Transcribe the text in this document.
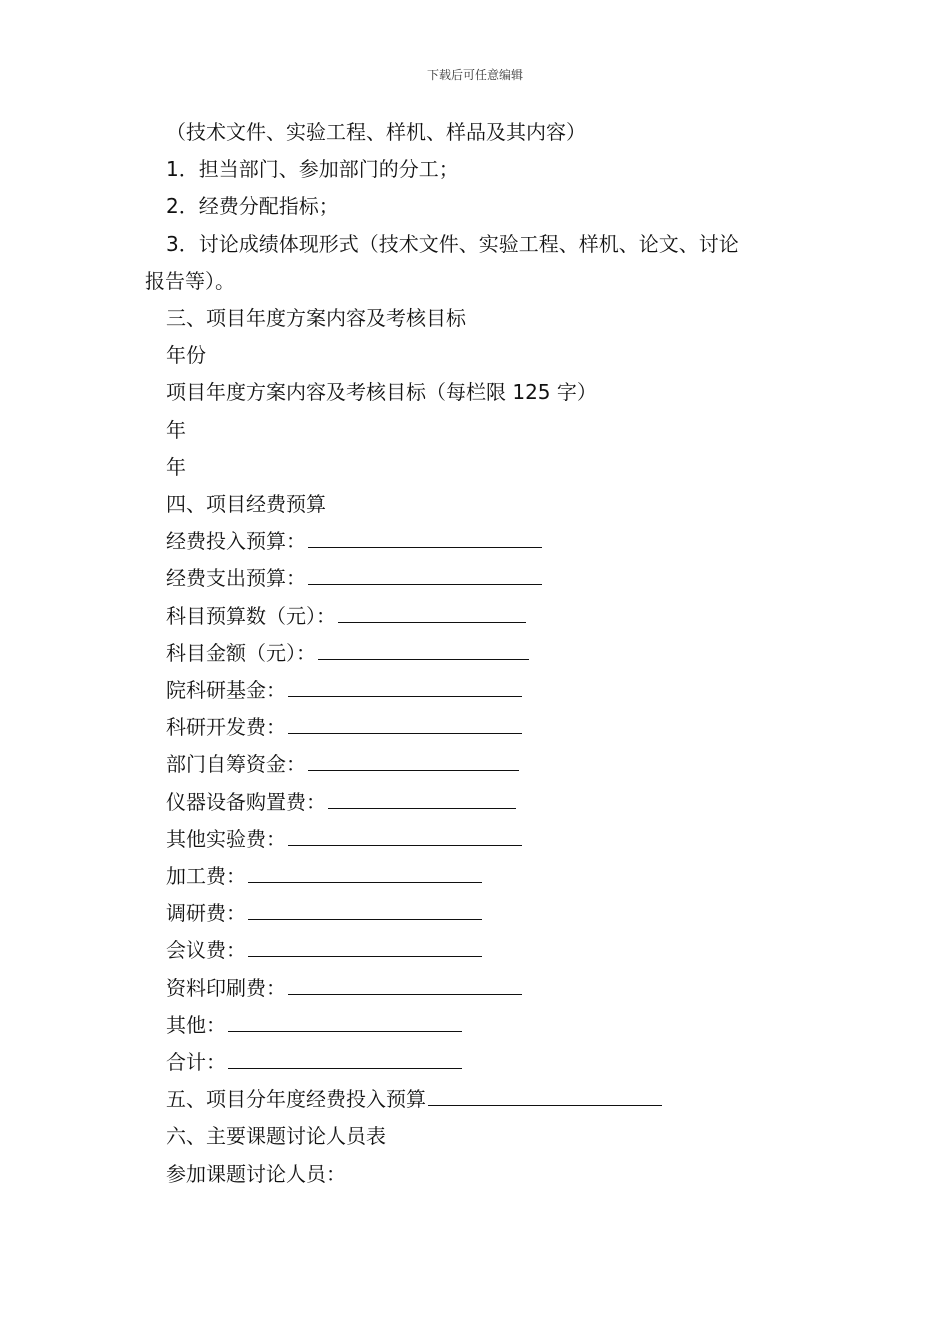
下载后可任意编辑
（技术文件、实验工程、样机、样品及其内容）
1．担当部门、参加部门的分工；
2．经费分配指标；
3．讨论成绩体现形式（技术文件、实验工程、样机、论文、讨论
报告等）。
三、项目年度方案内容及考核目标
年份
项目年度方案内容及考核目标（每栏限 125 字）
年
年
四、项目经费预算
经费投入预算：
经费支出预算：
科目预算数（元）：
科目金额（元）：
院科研基金：
科研开发费：
部门自筹资金：
仪器设备购置费：
其他实验费：
加工费：
调研费：
会议费：
资料印刷费：
其他：
合计：
五、项目分年度经费投入预算
六、主要课题讨论人员表
参加课题讨论人员：
